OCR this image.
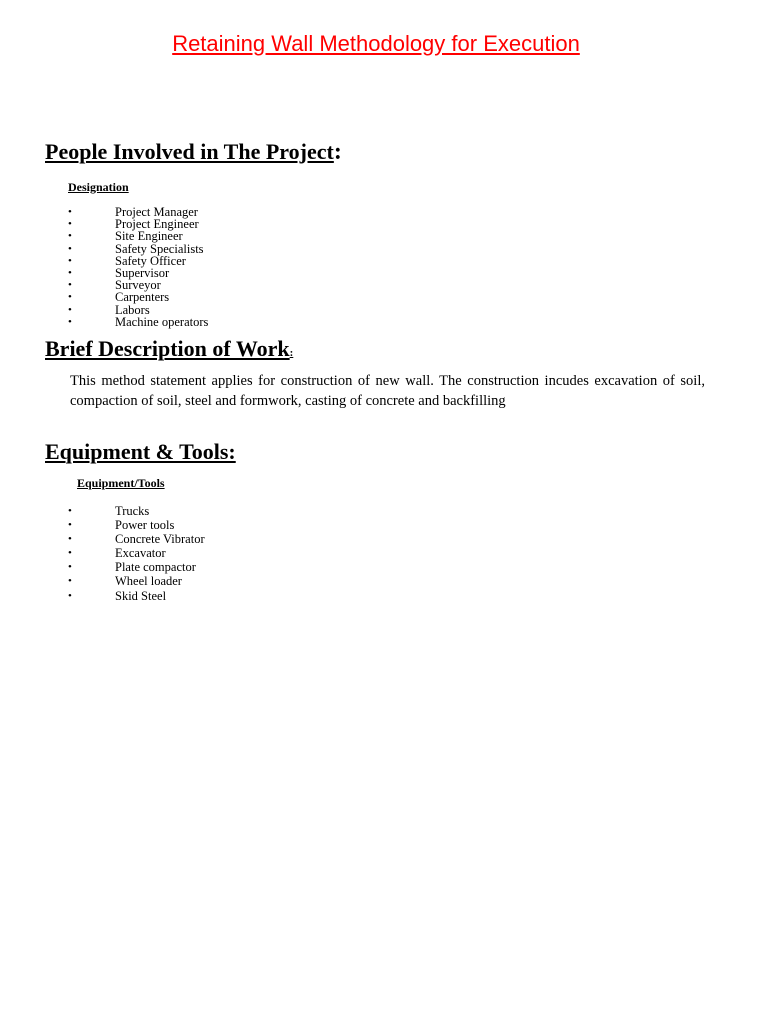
Retaining Wall Methodology for Execution
People Involved in The Project:
Designation
•	Project Manager
•	Project Engineer
•	Site Engineer
•	Safety Specialists
•	Safety Officer
•	Supervisor
•	Surveyor
•	Carpenters
•	Labors
•	Machine operators
Brief Description of Work:

This method statement applies for construction of new wall. The construction incudes excavation of soil, compaction of soil, steel and formwork, casting of concrete and backfilling

Equipment & Tools:
Equipment/Tools
•	Trucks
•	Power tools
•	Concrete Vibrator
•	Excavator
•	Plate compactor
•	Wheel loader
•	Skid Steel
